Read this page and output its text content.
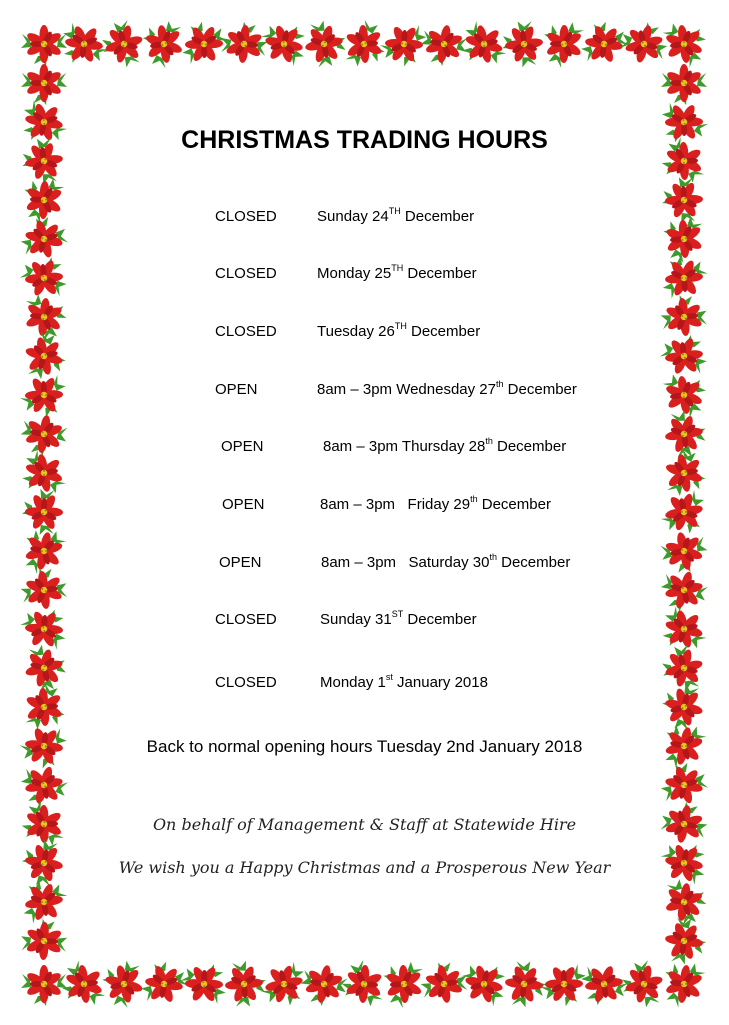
CHRISTMAS TRADING HOURS
CLOSED	Sunday 24TH December
CLOSED	Monday 25TH December
CLOSED	Tuesday 26TH December
OPEN	8am – 3pm Wednesday 27th December
OPEN	8am – 3pm Thursday 28th December
OPEN	8am – 3pm   Friday 29th December
OPEN	8am – 3pm   Saturday 30th December
CLOSED	Sunday 31ST December
CLOSED	Monday 1st January 2018
Back to normal opening hours Tuesday 2nd January 2018
On behalf of Management & Staff at Statewide Hire
We wish you a Happy Christmas and a Prosperous New Year
